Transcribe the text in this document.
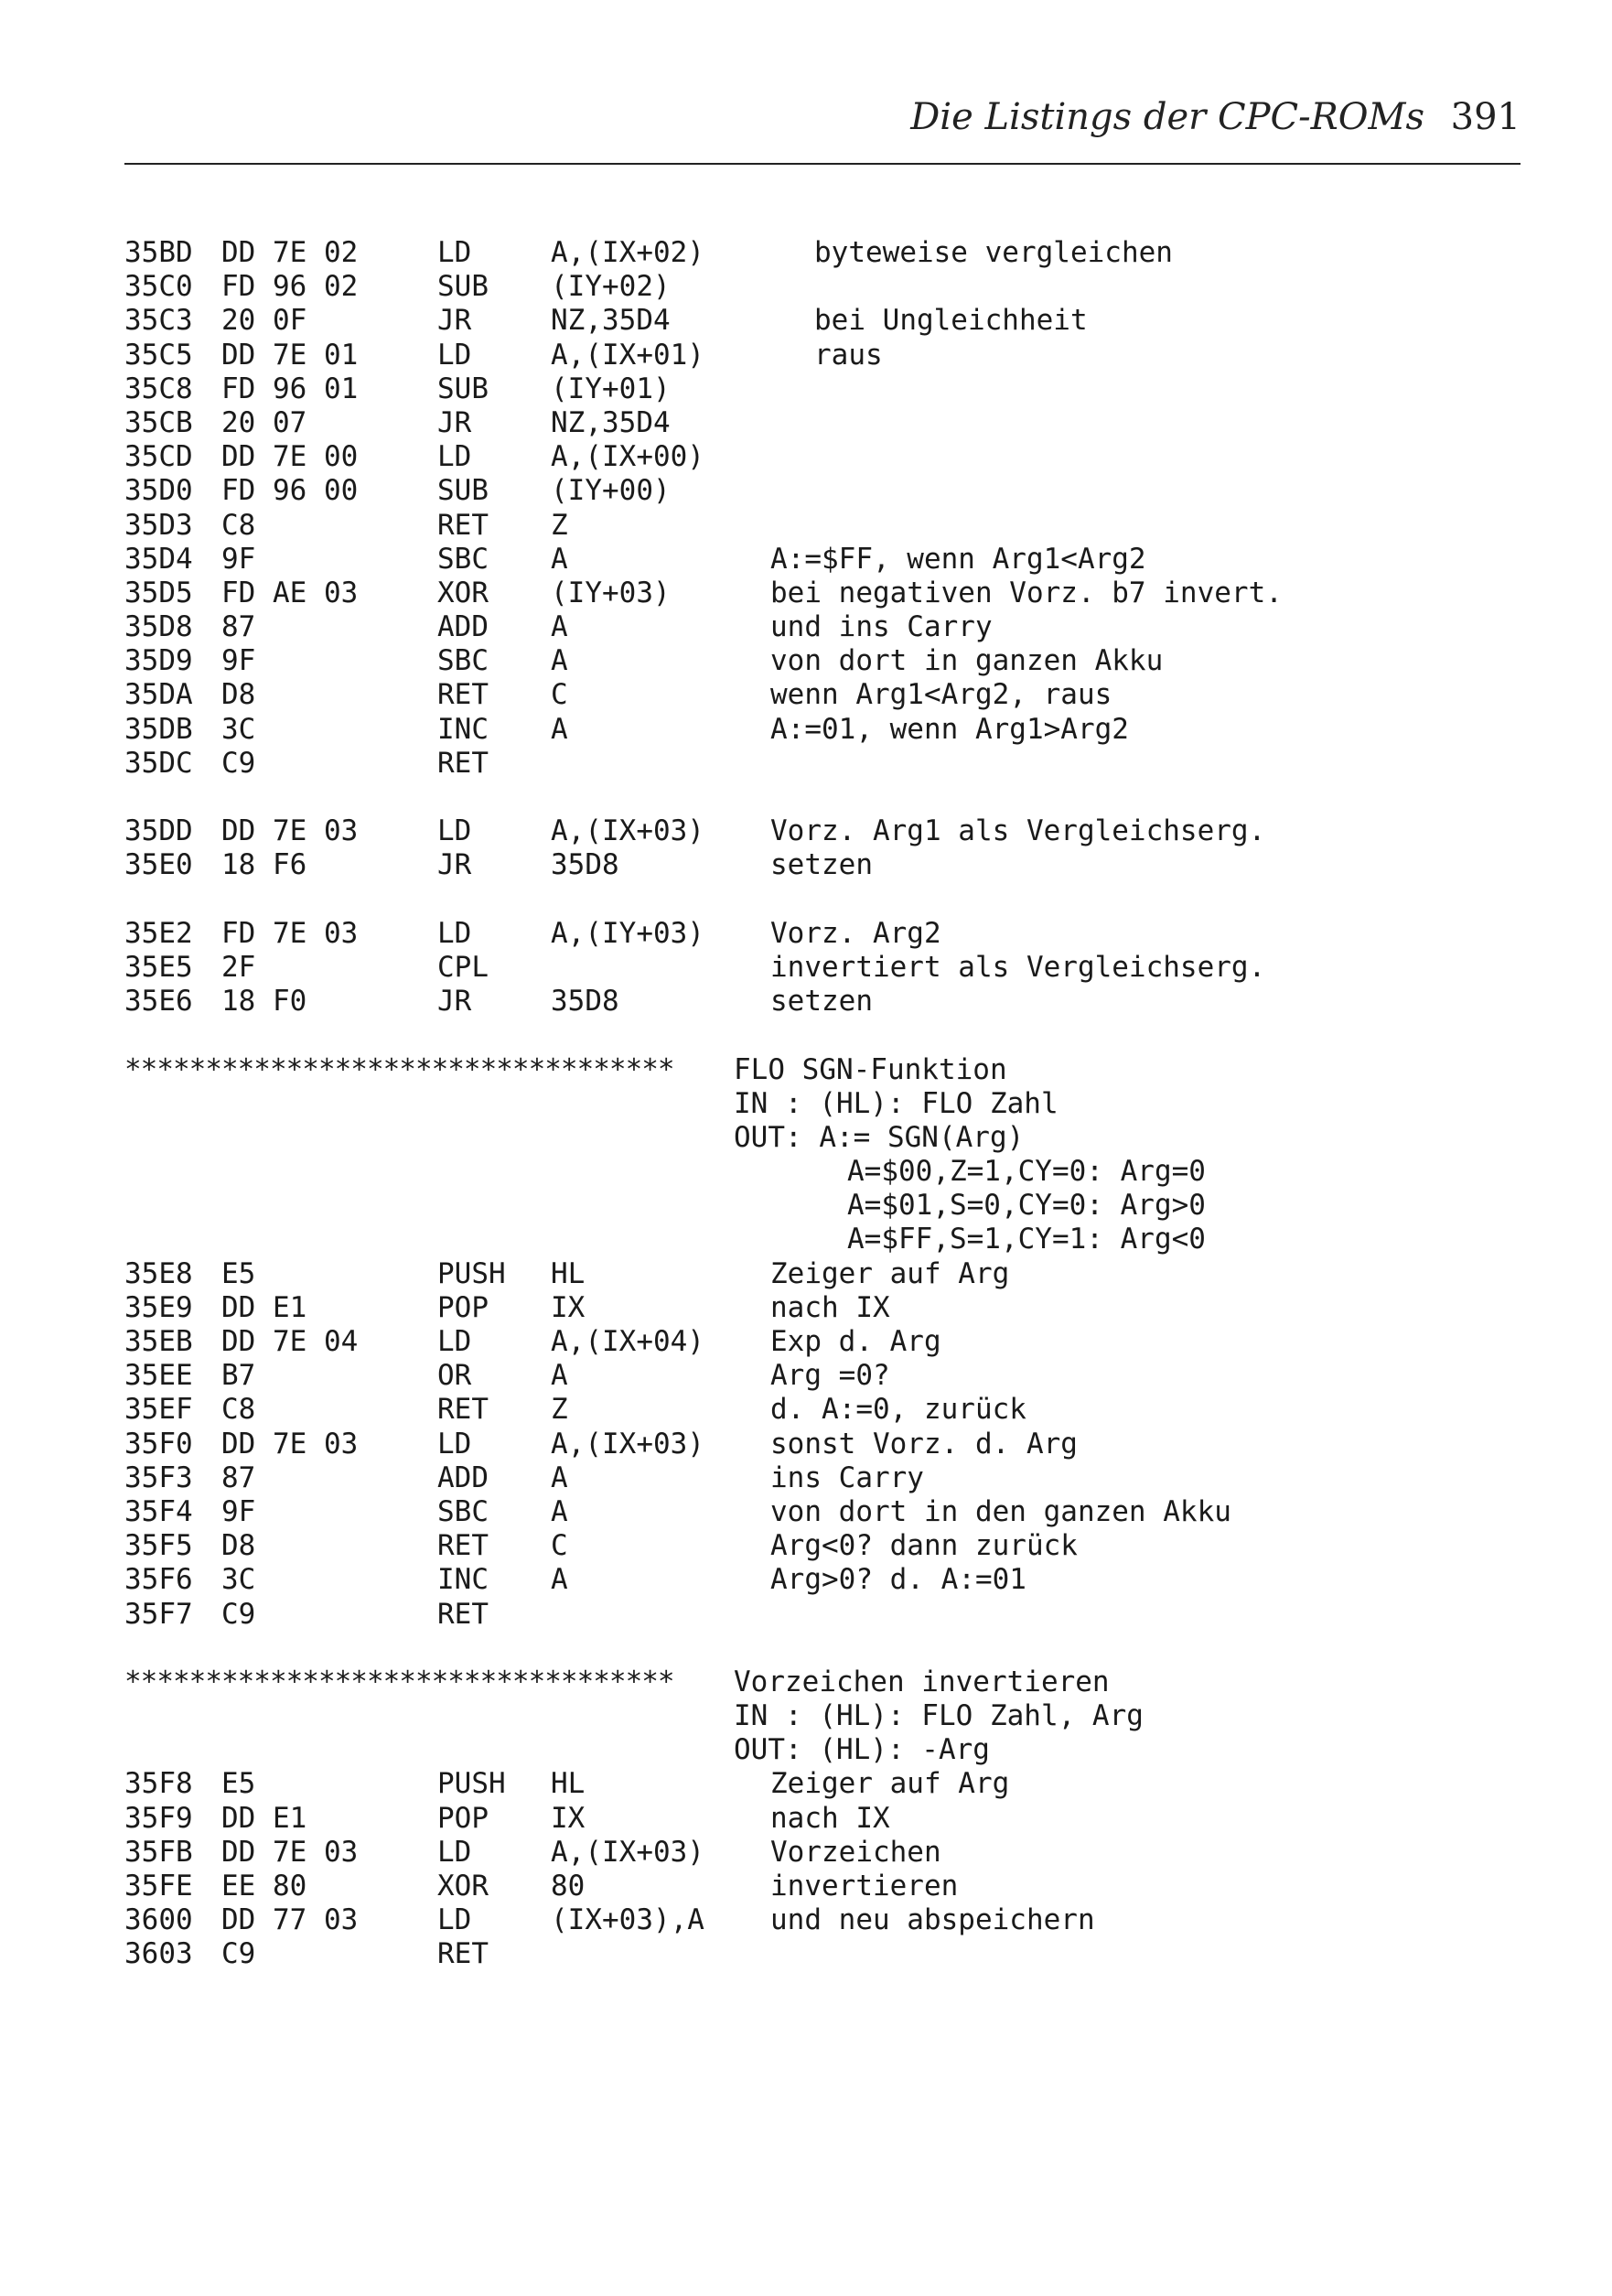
Die Listings der CPC-ROMs 391
35BD DD 7E 02	LD	A,(IX+02)	byteweise vergleichen
35C0 FD 96 02	SUB (IY+02)
35C3 20 0F	JR	NZ,35D4	bei Ungleichheit
35C5 DD 7E 01	LD	A,(IX+01)	raus
35C8 FD 96 01	SUB (IY+01)
35CB 20 07	JR	NZ,35D4
35CD DD 7E 00	LD	A,(IX+00)
35D0 FD 96 00	SUB (IY+00)
35D3 C8	RET Z
35D4 9F	SBC A	A:=$FF, wenn Arg1<Arg2
35D5 FD AE 03	XOR (IY+03)	bei negativen Vorz. b7 invert.
35D8 87	ADD A	und ins Carry
35D9 9F	SBC A	von dort in ganzen Akku
35DA D8	RET C	wenn Arg1<Arg2, raus
35DB 3C	INC A	A:=01, wenn Arg1>Arg2
35DC C9	RET
35DD DD 7E 03	LD	A,(IX+03) Vorz. Arg1 als Vergleichserg.
35E0 18 F6	JR	35D8	setzen
35E2 FD 7E 03	LD	A,(IY+03) Vorz. Arg2
35E5 2F	CPL	invertiert als Vergleichserg.
35E6 18 F0	JR	35D8	setzen
********************************** FLO SGN-Funktion
IN : (HL): FLO Zahl
OUT: A:= SGN(Arg)
A=$00,Z=1,CY=0: Arg=0
A=$01,S=0,CY=0: Arg>0
A=$FF,S=1,CY=1: Arg<0
35E8 E5	PUSH HL	Zeiger auf Arg
35E9 DD E1	POP IX	nach IX
35EB DD 7E 04	LD	A,(IX+04) Exp d. Arg
35EE B7	OR	A	Arg =0?
35EF C8	RET Z	d. A:=0, zurück
35F0 DD 7E 03	LD	A,(IX+03) sonst Vorz. d. Arg
35F3 87	ADD A	ins Carry
35F4 9F	SBC A	von dort in den ganzen Akku
35F5 D8	RET C	Arg<0? dann zurück
35F6 3C	INC A	Arg>0? d. A:=01
35F7 C9	RET
********************************** Vorzeichen invertieren
IN : (HL): FLO Zahl, Arg
OUT: (HL): -Arg
35F8 E5	PUSH HL	Zeiger auf Arg
35F9 DD E1	POP IX	nach IX
35FB DD 7E 03	LD	A,(IX+03) Vorzeichen
35FE EE 80	XOR 80	invertieren
3600 DD 77 03	LD	(IX+03),A und neu abspeichern
3603 C9	RET
